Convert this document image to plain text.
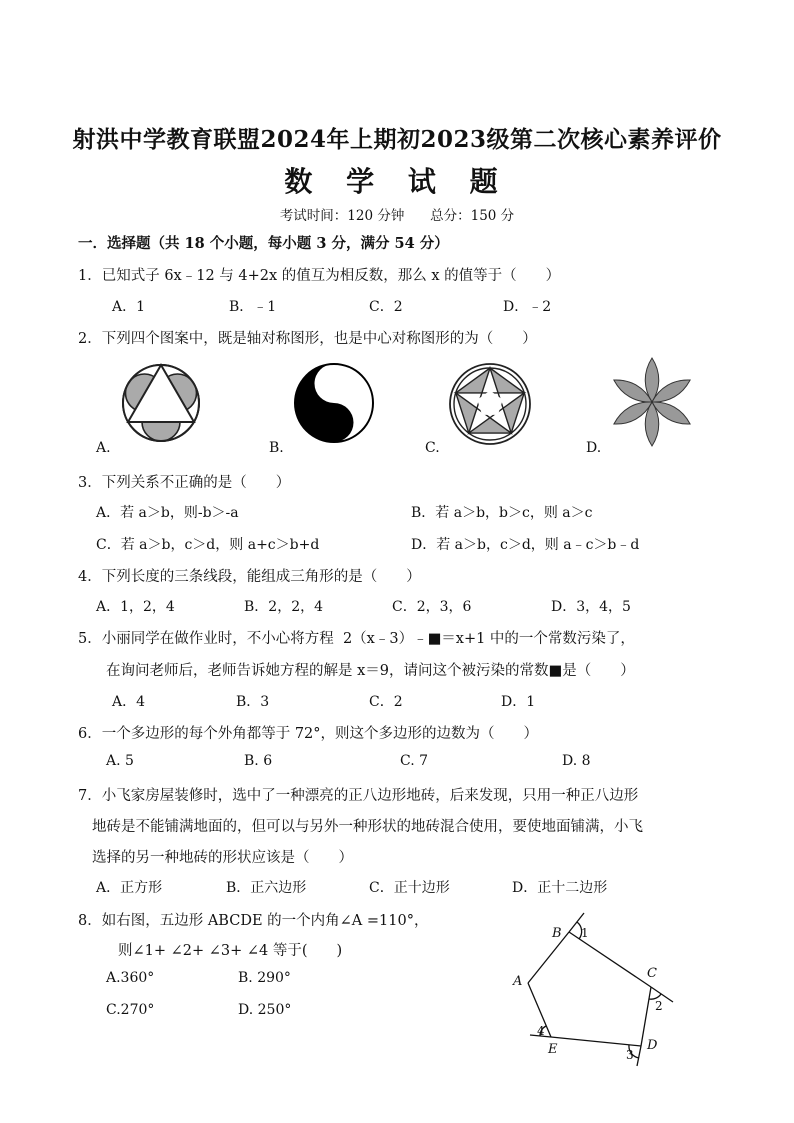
射洪中学教育联盟2024年上期初2023级第二次核心素养评价
数 学 试 题
考试时间：120 分钟      总分：150 分
一．选择题（共 18 个小题，每小题 3 分，满分 54 分）
1．已知式子 6x﹣12 与 4+2x 的值互为相反数，那么 x 的值等于（　　）
A．1	B．﹣1	C．2	D．﹣2
2．下列四个图案中，既是轴对称图形，也是中心对称图形的为（　　）
A.	B.	C.	D.
3．下列关系不正确的是（　　）
A．若 a＞b，则-b＞-a	B．若 a＞b，b＞c，则 a＞c
C．若 a＞b，c＞d，则 a+c＞b+d	D．若 a＞b，c＞d，则 a﹣c＞b﹣d
4．下列长度的三条线段，能组成三角形的是（　　）
A．1，2，4	B．2，2，4	C．2，3，6	D．3，4，5
5．小丽同学在做作业时，不小心将方程  2（x﹣3）﹣■＝x+1 中的一个常数污染了，
在询问老师后，老师告诉她方程的解是 x＝9，请问这个被污染的常数■是（　　）
A．4	B．3	C．2	D．1
6．一个多边形的每个外角都等于 72°，则这个多边形的边数为（　　）
A. 5	B. 6	C. 7	D. 8
7．小飞家房屋装修时，选中了一种漂亮的正八边形地砖，后来发现，只用一种正八边形
地砖是不能铺满地面的，但可以与另外一种形状的地砖混合使用，要使地面铺满，小飞
选择的另一种地砖的形状应该是（　　）
A．正方形	B．正六边形	C．正十边形	D．正十二边形
8．如右图，五边形 ABCDE 的一个内角∠A =110°，
则∠1+ ∠2+ ∠3+ ∠4 等于(　　)
A.360°	B. 290°
C.270°	D. 250°
B 1
C
2
A
4
E	3
D
